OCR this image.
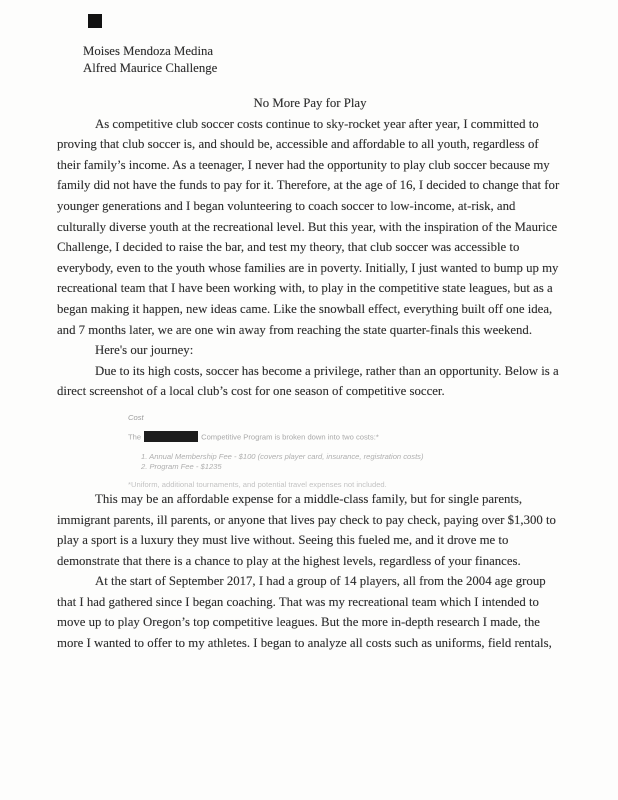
Moises Mendoza Medina
Alfred Maurice Challenge
No More Pay for Play

As competitive club soccer costs continue to sky-rocket year after year, I committed to proving that club soccer is, and should be, accessible and affordable to all youth, regardless of their family’s income. As a teenager, I never had the opportunity to play club soccer because my family did not have the funds to pay for it. Therefore, at the age of 16, I decided to change that for younger generations and I began volunteering to coach soccer to low-income, at-risk, and culturally diverse youth at the recreational level. But this year, with the inspiration of the Maurice Challenge, I decided to raise the bar, and test my theory, that club soccer was accessible to everybody, even to the youth whose families are in poverty. Initially, I just wanted to bump up my recreational team that I have been working with, to play in the competitive state leagues, but as a began making it happen, new ideas came. Like the snowball effect, everything built off one idea, and 7 months later, we are one win away from reaching the state quarter-finals this weekend.

Here's our journey:

Due to its high costs, soccer has become a privilege, rather than an opportunity. Below is a direct screenshot of a local club’s cost for one season of competitive soccer.

Cost
The	Competitive Program is broken down into two costs:*
1. Annual Membership Fee - $100 (covers player card, insurance, registration costs)
2. Program Fee - $1235
*Uniform, additional tournaments, and potential travel expenses not included.

This may be an affordable expense for a middle-class family, but for single parents, immigrant parents, ill parents, or anyone that lives pay check to pay check, paying over $1,300 to play a sport is a luxury they must live without. Seeing this fueled me, and it drove me to demonstrate that there is a chance to play at the highest levels, regardless of your finances.

At the start of September 2017, I had a group of 14 players, all from the 2004 age group that I had gathered since I began coaching. That was my recreational team which I intended to move up to play Oregon’s top competitive leagues. But the more in-depth research I made, the more I wanted to offer to my athletes. I began to analyze all costs such as uniforms, field rentals,
